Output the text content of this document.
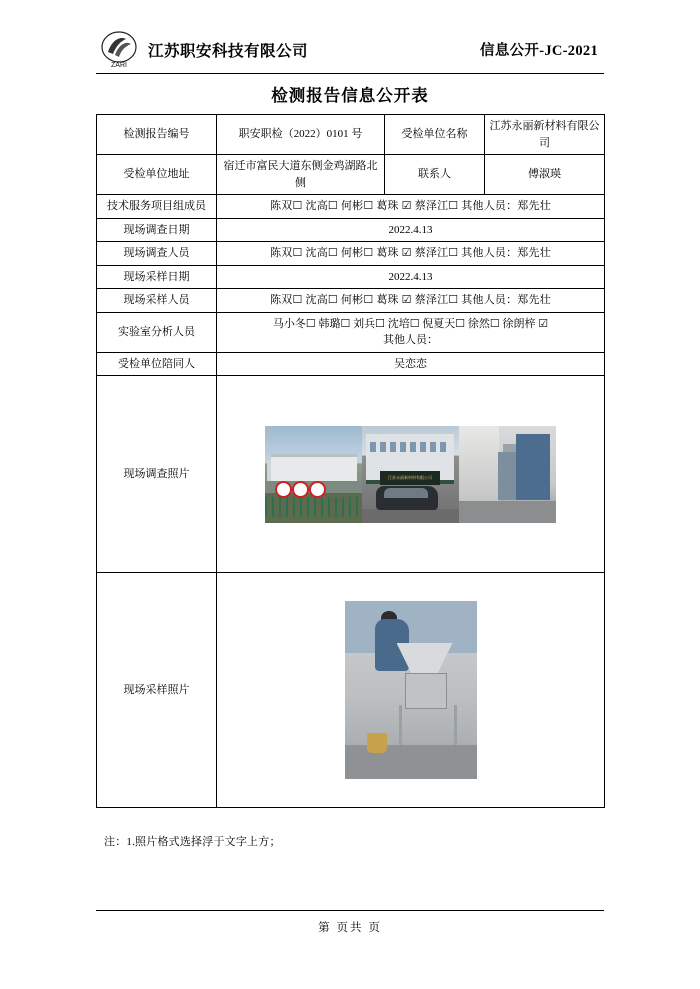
ZARI
江苏职安科技有限公司	信息公开-JC-2021
检测报告信息公开表
检测报告编号	职安职检（2022）0101 号	受检单位名称	江苏永丽新材料有限公司
受检单位地址	宿迁市富民大道东侧金鸡湖路北侧	联系人	傅淑瑛
技术服务项目组成员	陈双☐ 沈高☐ 何彬☐ 葛珠 ☑ 蔡泽江☐ 其他人员：郑先壮		
现场调查日期	2022.4.13		
现场调查人员	陈双☐ 沈高☐ 何彬☐ 葛珠 ☑ 蔡泽江☐ 其他人员：郑先壮		
现场采样日期	2022.4.13		
现场采样人员	陈双☐ 沈高☐ 何彬☐ 葛珠 ☑ 蔡泽江☐ 其他人员：郑先壮		
实验室分析人员	马小冬☐ 韩璐☐ 刘兵☐ 沈培☐ 倪夏天☐ 徐然☐ 徐朗梓 ☑
其他人员：		

受检单位陪同人	吴恋恋		
现场调查照片	江苏永丽新材料有限公司		

现场采样照片			
注：1.照片格式选择浮于文字上方；
第 页共 页
